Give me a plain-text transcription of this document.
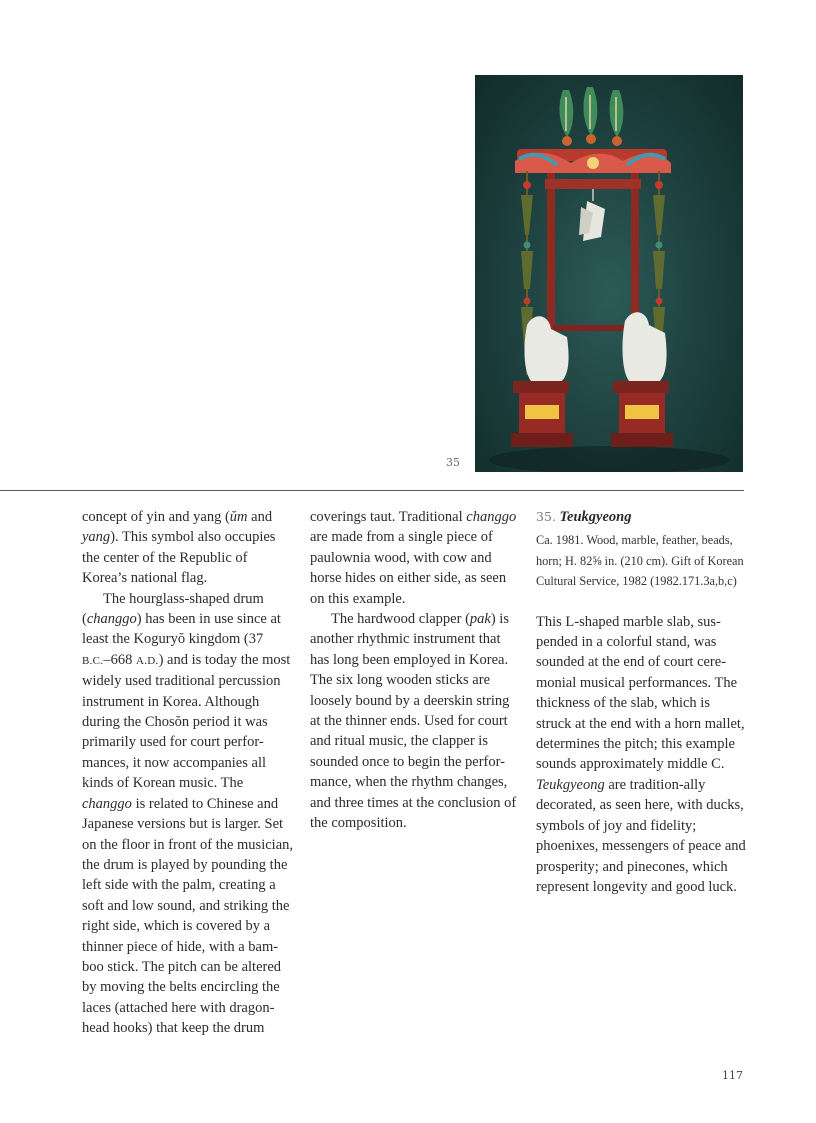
35

concept of yin and yang (ŭm and yang). This symbol also occupies the center of the Republic of Korea’s national flag.

The hourglass-shaped drum (changgo) has been in use since at least the Koguryŏ kingdom (37 B.C.–668 A.D.) and is today the most widely used traditional percussion instrument in Korea. Although during the Chosŏn period it was primarily used for court perfor-mances, it now accompanies all kinds of Korean music. The changgo is related to Chinese and Japanese versions but is larger. Set on the floor in front of the musician, the drum is played by pounding the left side with the palm, creating a soft and low sound, and striking the right side, which is covered by a thinner piece of hide, with a bam-boo stick. The pitch can be altered by moving the belts encircling the laces (attached here with dragon-head hooks) that keep the drum

coverings taut. Traditional changgo are made from a single piece of paulownia wood, with cow and horse hides on either side, as seen on this example.

The hardwood clapper (pak) is another rhythmic instrument that has long been employed in Korea. The six long wooden sticks are loosely bound by a deerskin string at the thinner ends. Used for court and ritual music, the clapper is sounded once to begin the perfor-mance, when the rhythm changes, and three times at the conclusion of the composition.

35. Teukgyeong

Ca. 1981. Wood, marble, feather, beads, horn; H. 82⅝ in. (210 cm). Gift of Korean Cultural Service, 1982 (1982.171.3a,b,c)

This L-shaped marble slab, sus-pended in a colorful stand, was sounded at the end of court cere-monial musical performances. The thickness of the slab, which is struck at the end with a horn mallet, determines the pitch; this example sounds approximately middle C. Teukgyeong are tradition-ally decorated, as seen here, with ducks, symbols of joy and fidelity; phoenixes, messengers of peace and prosperity; and pinecones, which represent longevity and good luck.

117
